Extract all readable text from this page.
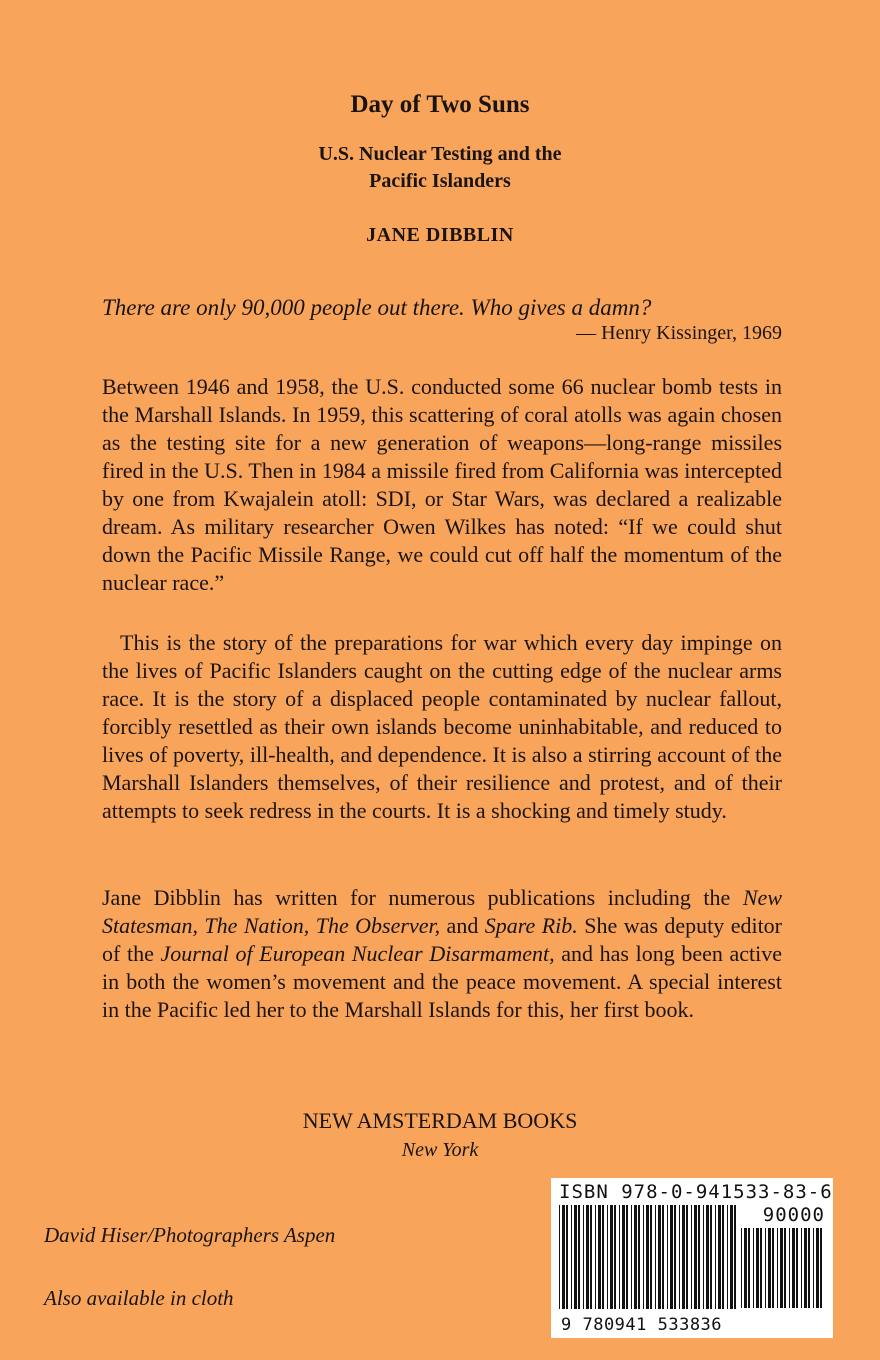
Day of Two Suns
U.S. Nuclear Testing and the
Pacific Islanders
JANE DIBBLIN
There are only 90,000 people out there. Who gives a damn?
— Henry Kissinger, 1969
Between 1946 and 1958, the U.S. conducted some 66 nuclear bomb tests in the Marshall Islands. In 1959, this scattering of coral atolls was again chosen as the testing site for a new generation of weapons—long-range missiles fired in the U.S. Then in 1984 a missile fired from California was intercepted by one from Kwajalein atoll: SDI, or Star Wars, was declared a realizable dream. As military researcher Owen Wilkes has noted: “If we could shut down the Pacific Missile Range, we could cut off half the momentum of the nuclear race.”
This is the story of the preparations for war which every day impinge on the lives of Pacific Islanders caught on the cutting edge of the nuclear arms race. It is the story of a displaced people contaminated by nuclear fallout, forcibly resettled as their own islands become uninhabitable, and reduced to lives of poverty, ill-health, and dependence. It is also a stirring account of the Marshall Islanders themselves, of their resilience and protest, and of their attempts to seek redress in the courts. It is a shocking and timely study.
Jane Dibblin has written for numerous publications including the New Statesman, The Nation, The Observer, and Spare Rib. She was deputy editor of the Journal of European Nuclear Disarmament, and has long been active in both the women’s movement and the peace movement. A special interest in the Pacific led her to the Marshall Islands for this, her first book.
NEW AMSTERDAM BOOKS
New York
David Hiser/Photographers Aspen
Also available in cloth
ISBN 978-0-941533-83-6
90000
9 780941 533836
